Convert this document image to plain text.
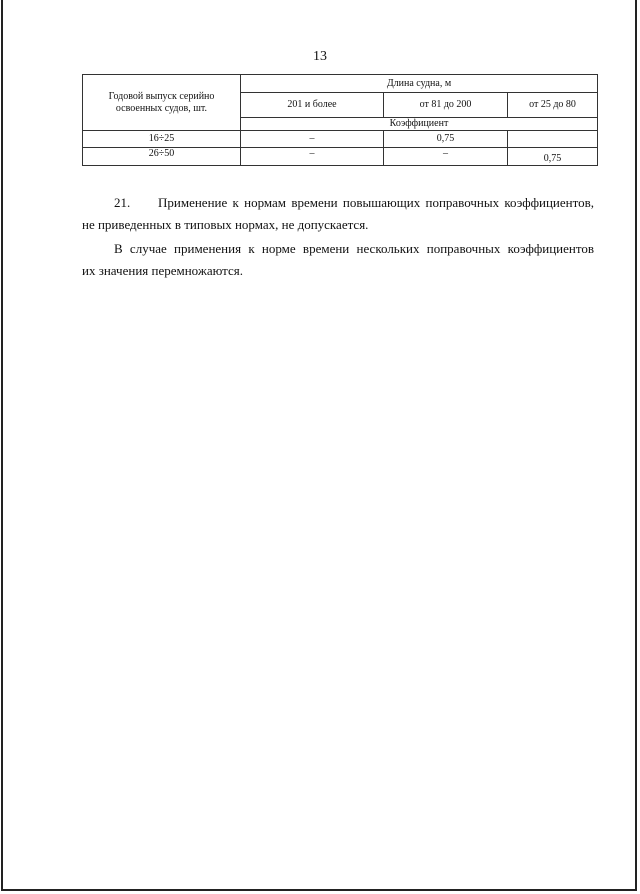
13
Годовой выпуск серийно освоенных судов, шт.	Длина судна, м		
	201 и более	от 81 до 200	от 25 до 80
	Коэффициент		
16÷25	–	0,75	
26÷50	–	–	0,75
21. Применение к нормам времени повышающих поправочных коэффициентов,
не приведенных в типовых нормах, не допускается.
В случае применения к норме времени нескольких поправочных коэффициентов
их значения перемножаются.
